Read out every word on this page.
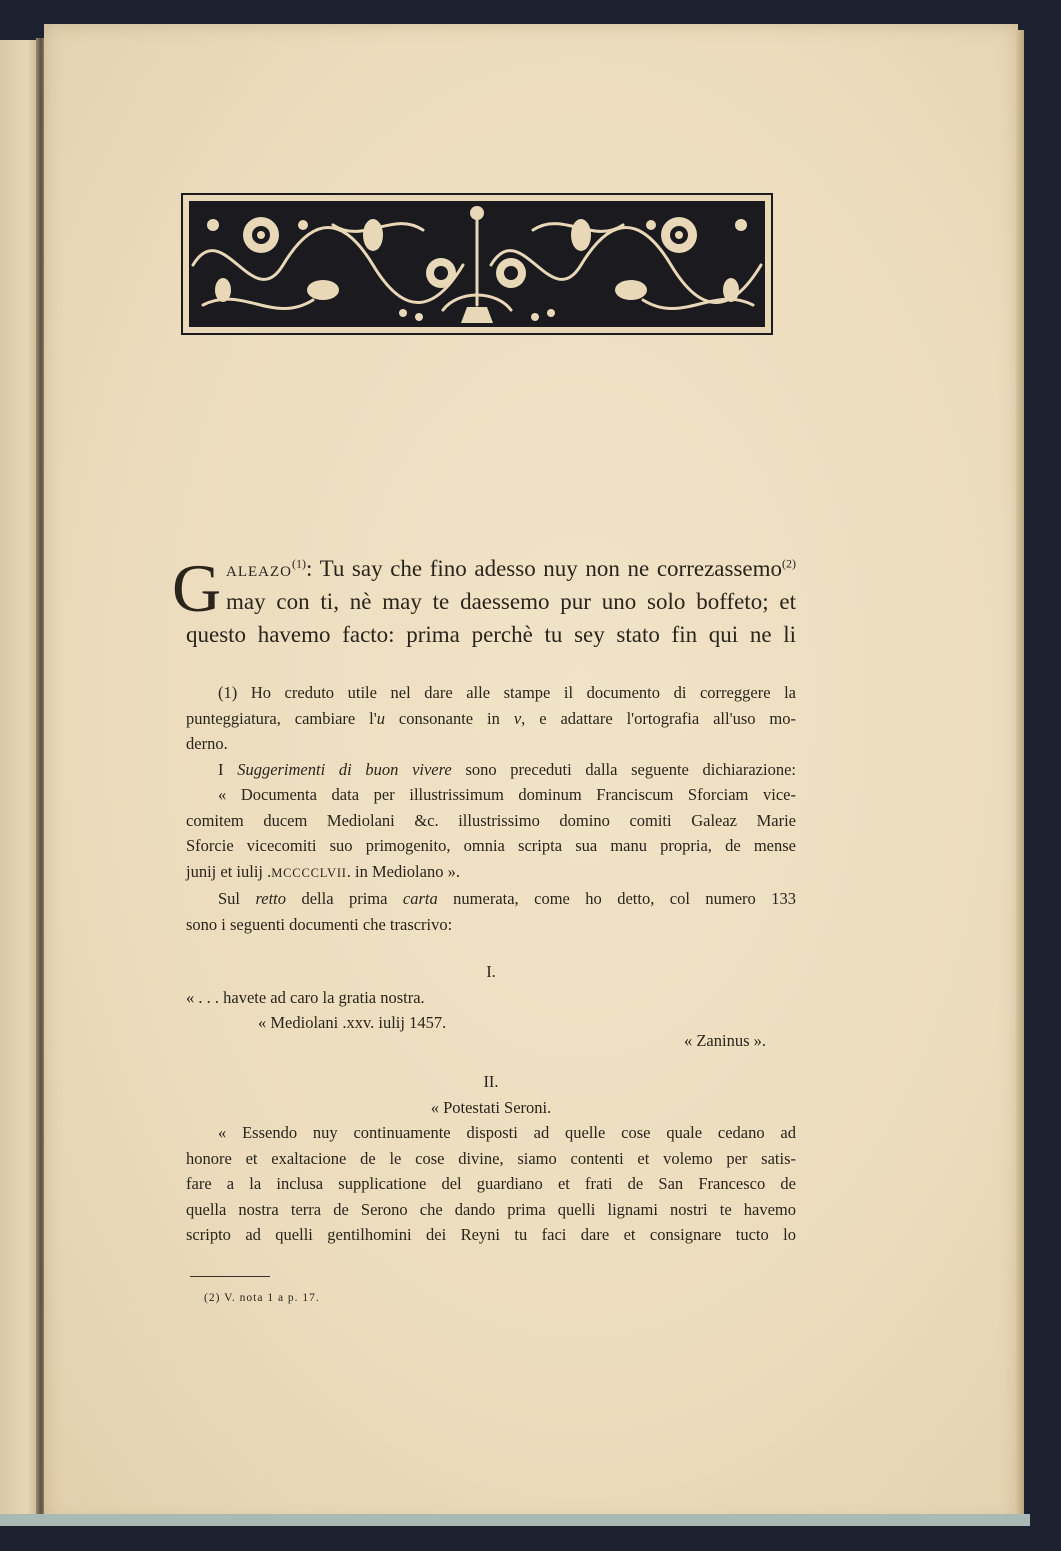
G ALEAZO$^{(1)}$: Tu say che fino adesso nuy non ne correzassemo$^{(2)}$
may con ti, nè may te daessemo pur uno solo boffeto; et
questo havemo facto: prima perchè tu sey stato fin qui ne li

(1) Ho creduto utile nel dare alle stampe il documento di correggere la

punteggiatura, cambiare l'u consonante in v, e adattare l'ortografia all'uso mo-

derno.

I Suggerimenti di buon vivere sono preceduti dalla seguente dichiarazione:

« Documenta data per illustrissimum dominum Franciscum Sforciam vice-

comitem ducem Mediolani &c. illustrissimo domino comiti Galeaz Marie

Sforcie vicecomiti suo primogenito, omnia scripta sua manu propria, de mense

junij et iulij .MCCCCLVII. in Mediolano ».

Sul retto della prima carta numerata, come ho detto, col numero 133

sono i seguenti documenti che trascrivo:

I.

« . . . havete ad caro la gratia nostra.

« Mediolani .xxv. iulij 1457.

« Zaninus ».

II.

« Potestati Seroni.

« Essendo nuy continuamente disposti ad quelle cose quale cedano ad

honore et exaltacione de le cose divine, siamo contenti et volemo per satis-

fare a la inclusa supplicatione del guardiano et frati de San Francesco de

quella nostra terra de Serono che dando prima quelli lignami nostri te havemo

scripto ad quelli gentilhomini dei Reyni tu faci dare et consignare tucto lo

(2) V. nota 1 a p. 17.
